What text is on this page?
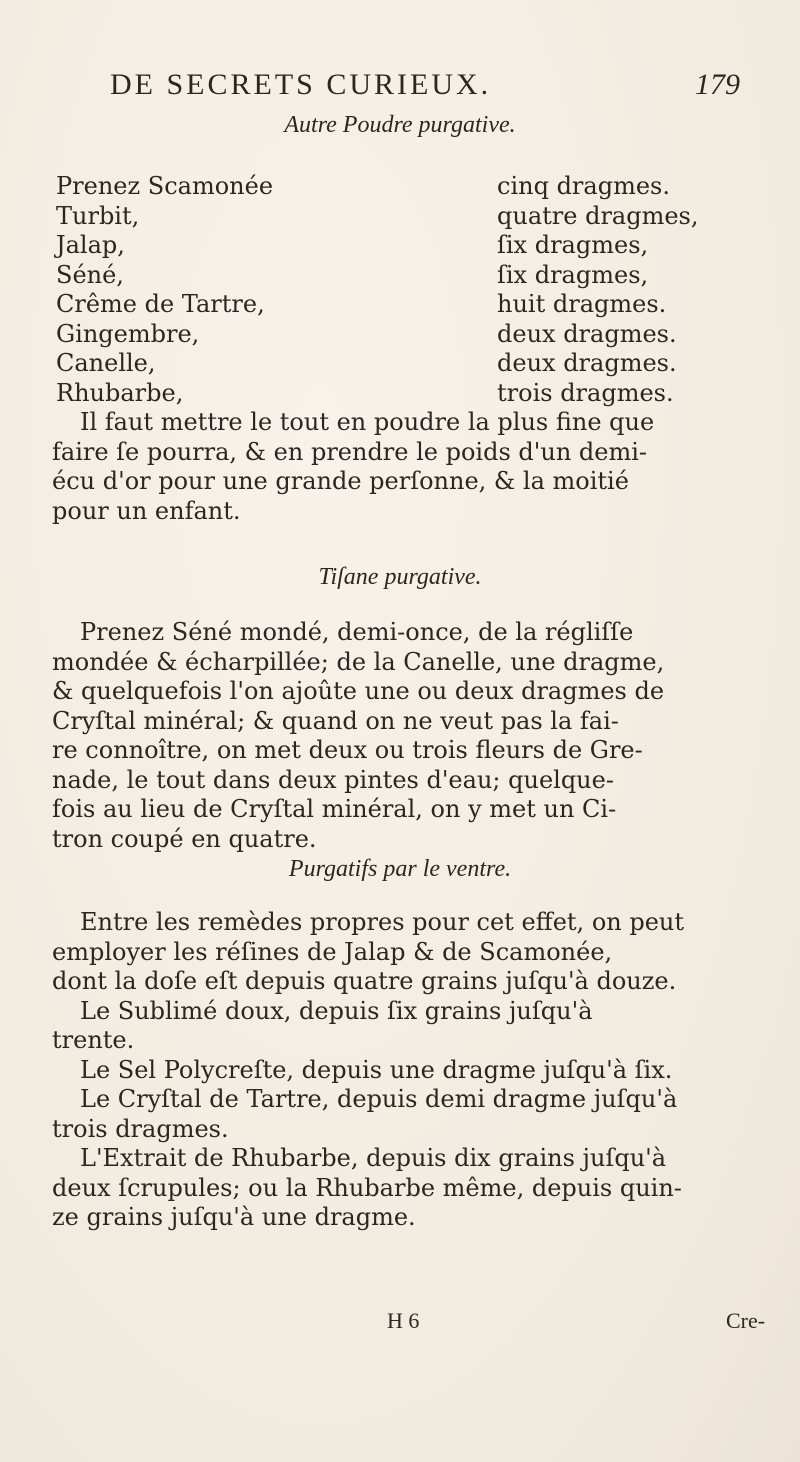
DE SECRETS CURIEUX.	179
Autre Poudre purgative.
Prenez Scamonée	cinq dragmes.
Turbit,	quatre dragmes,
Jalap,	ſix dragmes,
Séné,	ſix dragmes,
Crême de Tartre,	huit dragmes.
Gingembre,	deux dragmes.
Canelle,	deux dragmes.
Rhubarbe,	trois dragmes.
Il faut mettre le tout en poudre la plus fine que
faire ſe pourra, & en prendre le poids d'un demi-
écu d'or pour une grande perſonne, & la moitié
pour un enfant.
Tiſane purgative.
Prenez Séné mondé, demi-once, de la régliſſe
mondée & écharpillée; de la Canelle, une dragme,
& quelquefois l'on ajoûte une ou deux dragmes de
Cryſtal minéral; & quand on ne veut pas la fai-
re connoître, on met deux ou trois fleurs de Gre-
nade, le tout dans deux pintes d'eau; quelque-
fois au lieu de Cryſtal minéral, on y met un Ci-
tron coupé en quatre.
Purgatifs par le ventre.
Entre les remèdes propres pour cet effet, on peut
employer les réſines de Jalap & de Scamonée,
dont la doſe eſt depuis quatre grains juſqu'à douze.
Le Sublimé doux, depuis ſix grains juſqu'à
trente.
Le Sel Polycreſte, depuis une dragme juſqu'à ſix.
Le Cryſtal de Tartre, depuis demi dragme juſqu'à
trois dragmes.
L'Extrait de Rhubarbe, depuis dix grains juſqu'à
deux ſcrupules; ou la Rhubarbe même, depuis quin-
ze grains juſqu'à une dragme.
H 6	Cre-
